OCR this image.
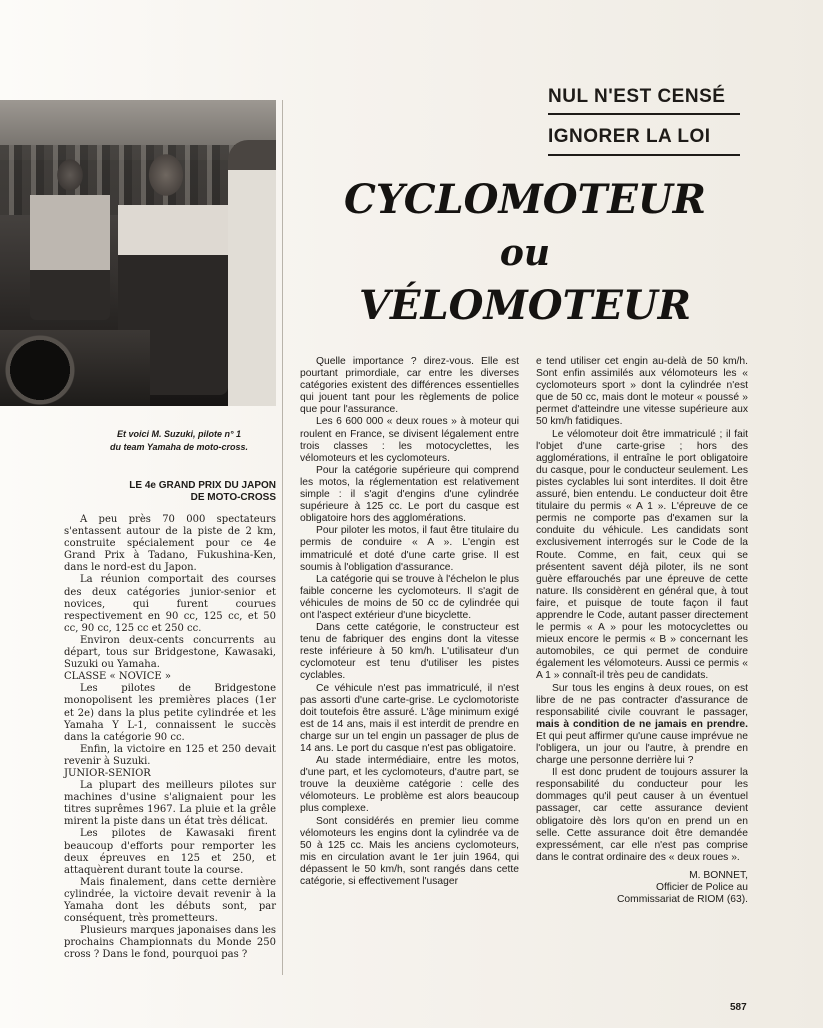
Et voici M. Suzuki, pilote n° 1
du team Yamaha de moto-cross.
NUL N'EST CENSÉ
IGNORER LA LOI
CYCLOMOTEUR
ou
VÉLOMOTEUR
LE 4e GRAND PRIX DU JAPON
DE MOTO-CROSS

A peu près 70 000 spectateurs s'entassent autour de la piste de 2 km, construite spécialement pour ce 4e Grand Prix à Tadano, Fukushina-Ken, dans le nord-est du Japon.

La réunion comportait des courses des deux catégories junior-senior et novices, qui furent courues respectivement en 90 cc, 125 cc, et 50 cc, 90 cc, 125 cc et 250 cc.

Environ deux-cents concurrents au départ, tous sur Bridgestone, Kawasaki, Suzuki ou Yamaha.

CLASSE « NOVICE »

Les pilotes de Bridgestone monopolisent les premières places (1er et 2e) dans la plus petite cylindrée et les Yamaha Y L-1, connaissent le succès dans la catégorie 90 cc.

Enfin, la victoire en 125 et 250 devait revenir à Suzuki.

JUNIOR-SENIOR

La plupart des meilleurs pilotes sur machines d'usine s'alignaient pour les titres suprêmes 1967. La pluie et la grêle mirent la piste dans un état très délicat.

Les pilotes de Kawasaki firent beaucoup d'efforts pour remporter les deux épreuves en 125 et 250, et attaquèrent durant toute la course.

Mais finalement, dans cette dernière cylindrée, la victoire devait revenir à la Yamaha dont les débuts sont, par conséquent, très prometteurs.

Plusieurs marques japonaises dans les prochains Championnats du Monde 250 cross ? Dans le fond, pourquoi pas ?

Quelle importance ? direz-vous. Elle est pourtant primordiale, car entre les diverses catégories existent des différences essentielles qui jouent tant pour les règlements de police que pour l'assurance.

Les 6 600 000 « deux roues » à moteur qui roulent en France, se divisent légalement entre trois classes : les motocyclettes, les vélomoteurs et les cyclomoteurs.

Pour la catégorie supérieure qui comprend les motos, la réglementation est relativement simple : il s'agit d'engins d'une cylindrée supérieure à 125 cc. Le port du casque est obligatoire hors des agglomérations.

Pour piloter les motos, il faut être titulaire du permis de conduire « A ». L'engin est immatriculé et doté d'une carte grise. Il est soumis à l'obligation d'assurance.

La catégorie qui se trouve à l'échelon le plus faible concerne les cyclomoteurs. Il s'agit de véhicules de moins de 50 cc de cylindrée qui ont l'aspect extérieur d'une bicyclette.

Dans cette catégorie, le constructeur est tenu de fabriquer des engins dont la vitesse reste inférieure à 50 km/h. L'utilisateur d'un cyclomoteur est tenu d'utiliser les pistes cyclables.

Ce véhicule n'est pas immatriculé, il n'est pas assorti d'une carte-grise. Le cyclomotoriste doit toutefois être assuré. L'âge minimum exigé est de 14 ans, mais il est interdit de prendre en charge sur un tel engin un passager de plus de 14 ans. Le port du casque n'est pas obligatoire.

Au stade intermédiaire, entre les motos, d'une part, et les cyclomoteurs, d'autre part, se trouve la deuxième catégorie : celle des vélomoteurs. Le problème est alors beaucoup plus complexe.

Sont considérés en premier lieu comme vélomoteurs les engins dont la cylindrée va de 50 à 125 cc. Mais les anciens cyclomoteurs, mis en circulation avant le 1er juin 1964, qui dépassent le 50 km/h, sont rangés dans cette catégorie, si effectivement l'usager

e tend utiliser cet engin au-delà de 50 km/h. Sont enfin assimilés aux vélomoteurs les « cyclomoteurs sport » dont la cylindrée n'est que de 50 cc, mais dont le moteur « poussé » permet d'atteindre une vitesse supérieure aux 50 km/h fatidiques.

Le vélomoteur doit être immatriculé ; il fait l'objet d'une carte-grise ; hors des agglomérations, il entraîne le port obligatoire du casque, pour le conducteur seulement. Les pistes cyclables lui sont interdites. Il doit être assuré, bien entendu. Le conducteur doit être titulaire du permis « A 1 ». L'épreuve de ce permis ne comporte pas d'examen sur la conduite du véhicule. Les candidats sont exclusivement interrogés sur le Code de la Route. Comme, en fait, ceux qui se présentent savent déjà piloter, ils ne sont guère effarouchés par une épreuve de cette nature. Ils considèrent en général que, à tout faire, et puisque de toute façon il faut apprendre le Code, autant passer directement le permis « A » pour les motocyclettes ou mieux encore le permis « B » concernant les automobiles, ce qui permet de conduire également les vélomoteurs. Aussi ce permis « A 1 » connaît-il très peu de candidats.

Sur tous les engins à deux roues, on est libre de ne pas contracter d'assurance de responsabilité civile couvrant le passager, mais à condition de ne jamais en prendre. Et qui peut affirmer qu'une cause imprévue ne l'obligera, un jour ou l'autre, à prendre en charge une personne derrière lui ?

Il est donc prudent de toujours assurer la responsabilité du conducteur pour les dommages qu'il peut causer à un éventuel passager, car cette assurance devient obligatoire dès lors qu'on en prend un en selle. Cette assurance doit être demandée expressément, car elle n'est pas comprise dans le contrat ordinaire des « deux roues ».

M. BONNET,
Officier de Police au
Commissariat de RIOM (63).
587
